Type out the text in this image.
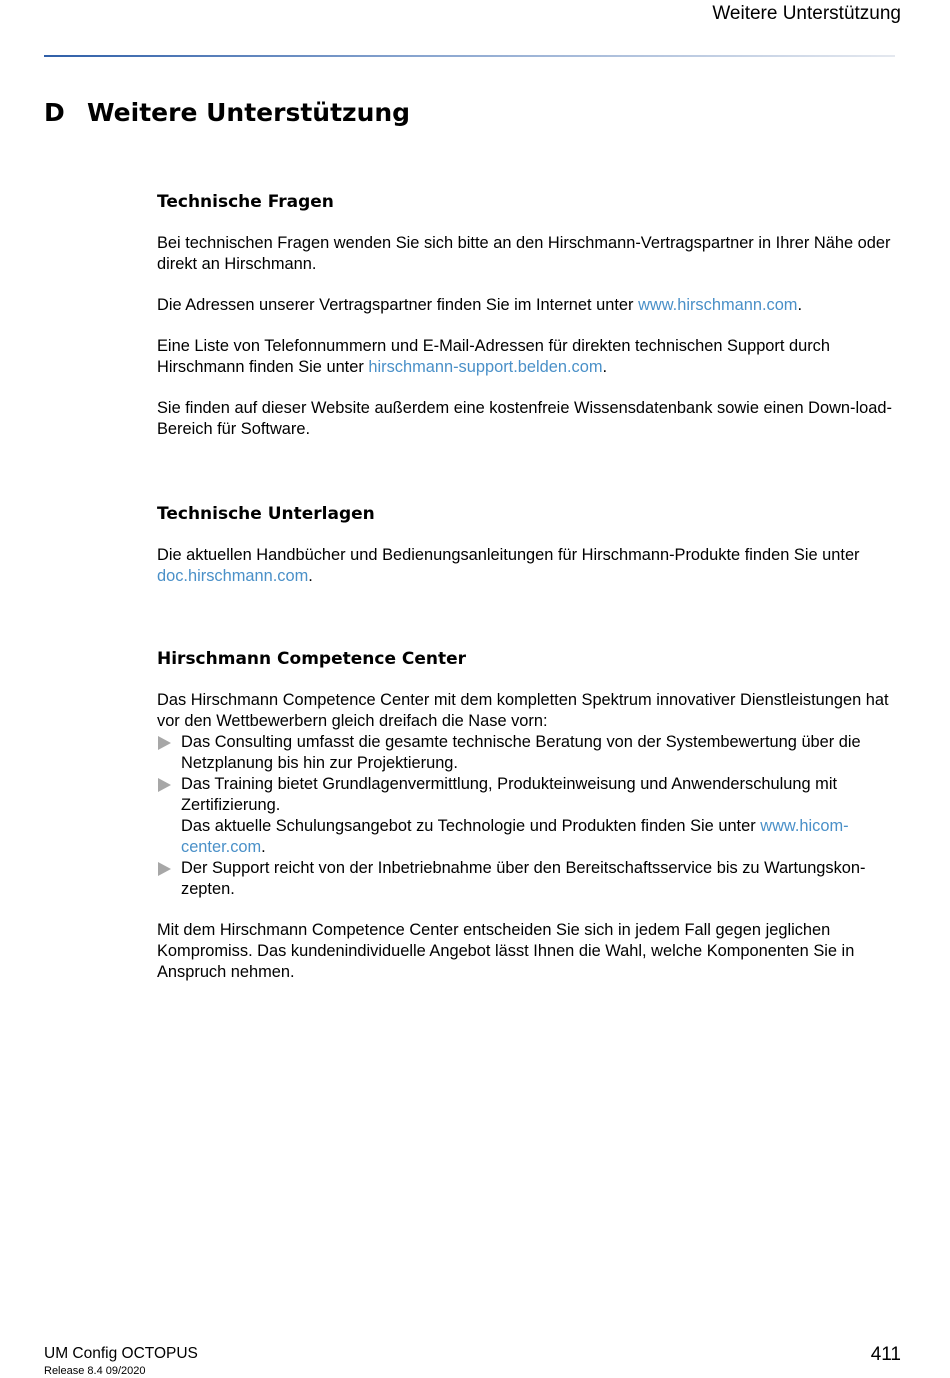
Weitere Unterstützung
D Weitere Unterstützung
Technische Fragen

Bei technischen Fragen wenden Sie sich bitte an den Hirschmann-Vertragspartner in Ihrer Nähe oder direkt an Hirschmann.

Die Adressen unserer Vertragspartner finden Sie im Internet unter www.hirschmann.com.

Eine Liste von Telefonnummern und E-Mail-Adressen für direkten technischen Support durch Hirschmann finden Sie unter hirschmann-support.belden.com.

Sie finden auf dieser Website außerdem eine kostenfreie Wissensdatenbank sowie einen Down-load-Bereich für Software.

Technische Unterlagen

Die aktuellen Handbücher und Bedienungsanleitungen für Hirschmann-Produkte finden Sie unter doc.hirschmann.com.

Hirschmann Competence Center

Das Hirschmann Competence Center mit dem kompletten Spektrum innovativer Dienstleistungen hat vor den Wettbewerbern gleich dreifach die Nase vorn:

Das Consulting umfasst die gesamte technische Beratung von der Systembewertung über die Netzplanung bis hin zur Projektierung.
Das Training bietet Grundlagenvermittlung, Produkteinweisung und Anwenderschulung mit Zertifizierung.
Das aktuelle Schulungsangebot zu Technologie und Produkten finden Sie unter www.hicom-center.com.
Der Support reicht von der Inbetriebnahme über den Bereitschaftsservice bis zu Wartungskon-zepten.

Mit dem Hirschmann Competence Center entscheiden Sie sich in jedem Fall gegen jeglichen Kompromiss. Das kundenindividuelle Angebot lässt Ihnen die Wahl, welche Komponenten Sie in Anspruch nehmen.

UM Config OCTOPUS
Release 8.4 09/2020
411
